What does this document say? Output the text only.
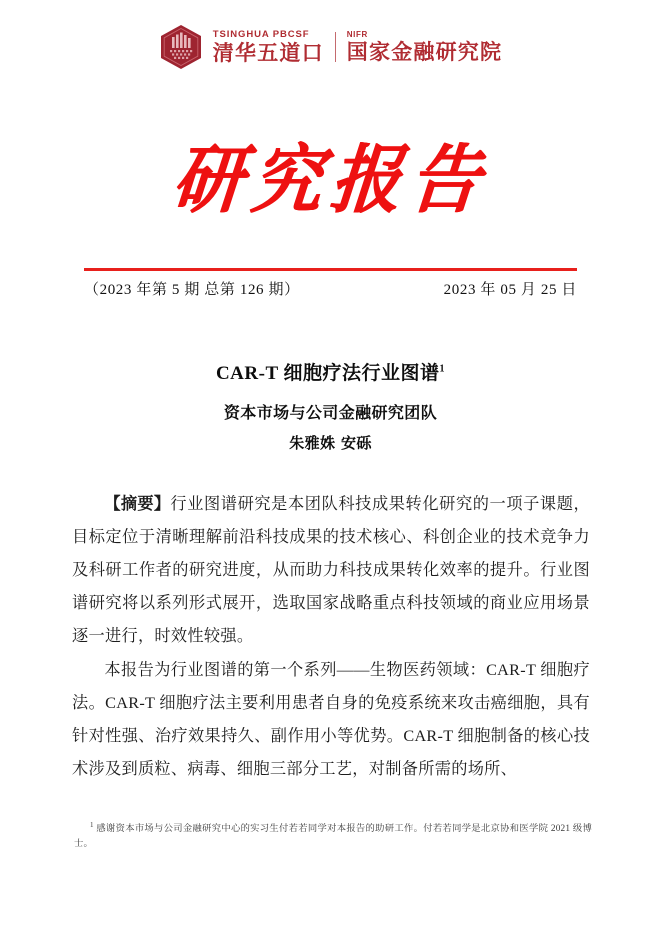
TSINGHUA PBCSF
清华五道口
NIFR
国家金融研究院
研究报告
（2023 年第 5 期 总第 126 期）	2023 年 05 月 25 日
CAR-T 细胞疗法行业图谱$^1$
资本市场与公司金融研究团队
朱雅姝 安砾

【摘要】行业图谱研究是本团队科技成果转化研究的一项子课题，目标定位于清晰理解前沿科技成果的技术核心、科创企业的技术竞争力及科研工作者的研究进度，从而助力科技成果转化效率的提升。行业图谱研究将以系列形式展开，选取国家战略重点科技领域的商业应用场景逐一进行，时效性较强。

本报告为行业图谱的第一个系列——生物医药领域：CAR-T 细胞疗法。CAR-T 细胞疗法主要利用患者自身的免疫系统来攻击癌细胞，具有针对性强、治疗效果持久、副作用小等优势。CAR-T 细胞制备的核心技术涉及到质粒、病毒、细胞三部分工艺，对制备所需的场所、

$^1$ 感谢资本市场与公司金融研究中心的实习生付若若同学对本报告的助研工作。付若若同学是北京协和医学院 2021 级博士。
